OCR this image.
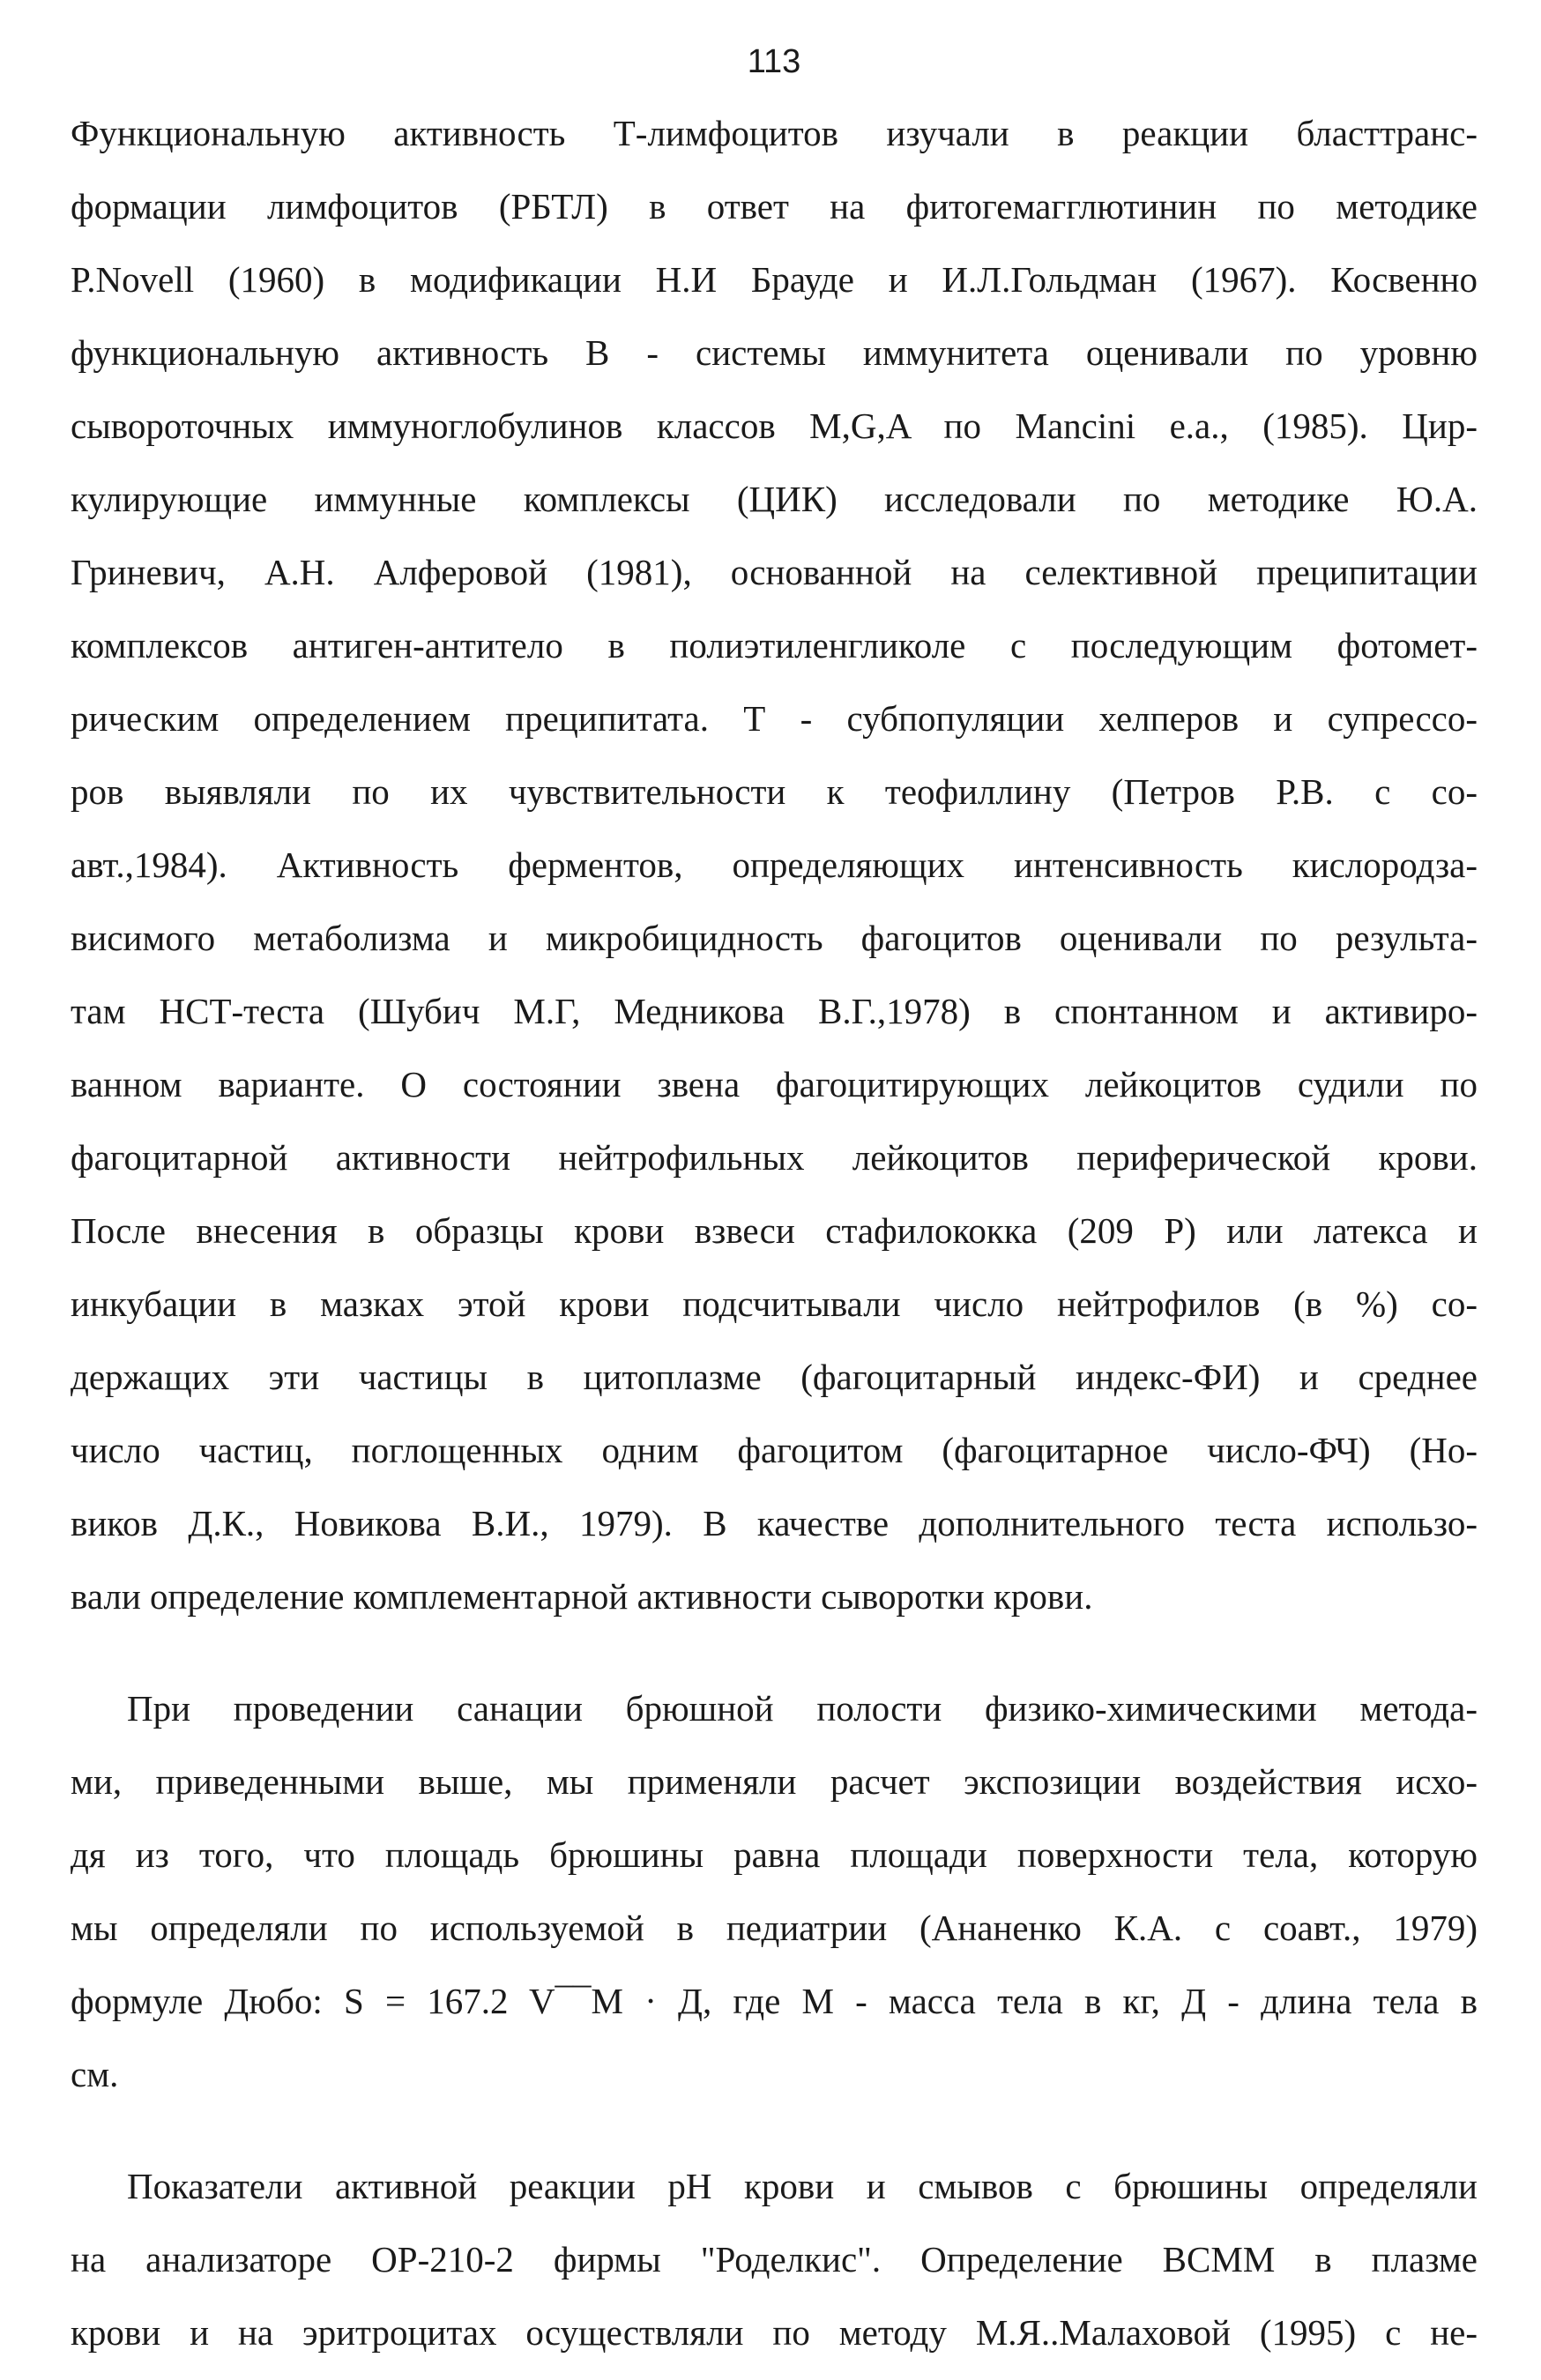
113
Функциональную активность Т-лимфоцитов изучали в реакции бласттранс-
формации лимфоцитов (РБТЛ) в ответ на фитогемагглютинин по методике
P.Novell (1960) в модификации Н.И Брауде и И.Л.Гольдман (1967). Косвенно
функциональную активность В - системы иммунитета оценивали по уровню
сывороточных иммуноглобулинов классов M,G,A по Mancini e.a., (1985). Цир-
кулирующие иммунные комплексы (ЦИК) исследовали по методике Ю.А.
Гриневич, А.Н. Алферовой (1981), основанной на селективной преципитации
комплексов антиген-антитело в полиэтиленгликоле с последующим фотомет-
рическим определением преципитата. Т - субпопуляции хелперов и супрессо-
ров выявляли по их чувствительности к теофиллину (Петров Р.В. с со-
авт.,1984). Активность ферментов, определяющих интенсивность кислородза-
висимого метаболизма и микробицидность фагоцитов оценивали по результа-
там НСТ-теста (Шубич М.Г, Медникова В.Г.,1978) в спонтанном и активиро-
ванном варианте. О состоянии звена фагоцитирующих лейкоцитов судили по
фагоцитарной активности нейтрофильных лейкоцитов периферической крови.
После внесения в образцы крови взвеси стафилококка (209 Р) или латекса и
инкубации в мазках этой крови подсчитывали число нейтрофилов (в %) со-
держащих эти частицы в цитоплазме (фагоцитарный индекс-ФИ) и среднее
число частиц, поглощенных одним фагоцитом (фагоцитарное число-ФЧ) (Но-
виков Д.К., Новикова В.И., 1979). В качестве дополнительного теста использо-
вали определение комплементарной активности сыворотки крови.
При проведении санации брюшной полости физико-химическими метода-
ми, приведенными выше, мы применяли расчет экспозиции воздействия исхо-
дя из того, что площадь брюшины равна площади поверхности тела, которую
мы определяли по используемой в педиатрии (Ананенко К.А. с соавт., 1979)
формуле Дюбо: S = 167.2 V¯¯M · Д, где М - масса тела в кг, Д - длина тела в
см.
Показатели активной реакции pH крови и смывов с брюшины определяли
на анализаторе ОР-210-2 фирмы "Роделкис". Определение ВСММ в плазме
крови и на эритроцитах осуществляли по методу М.Я..Малаховой (1995) с не-
